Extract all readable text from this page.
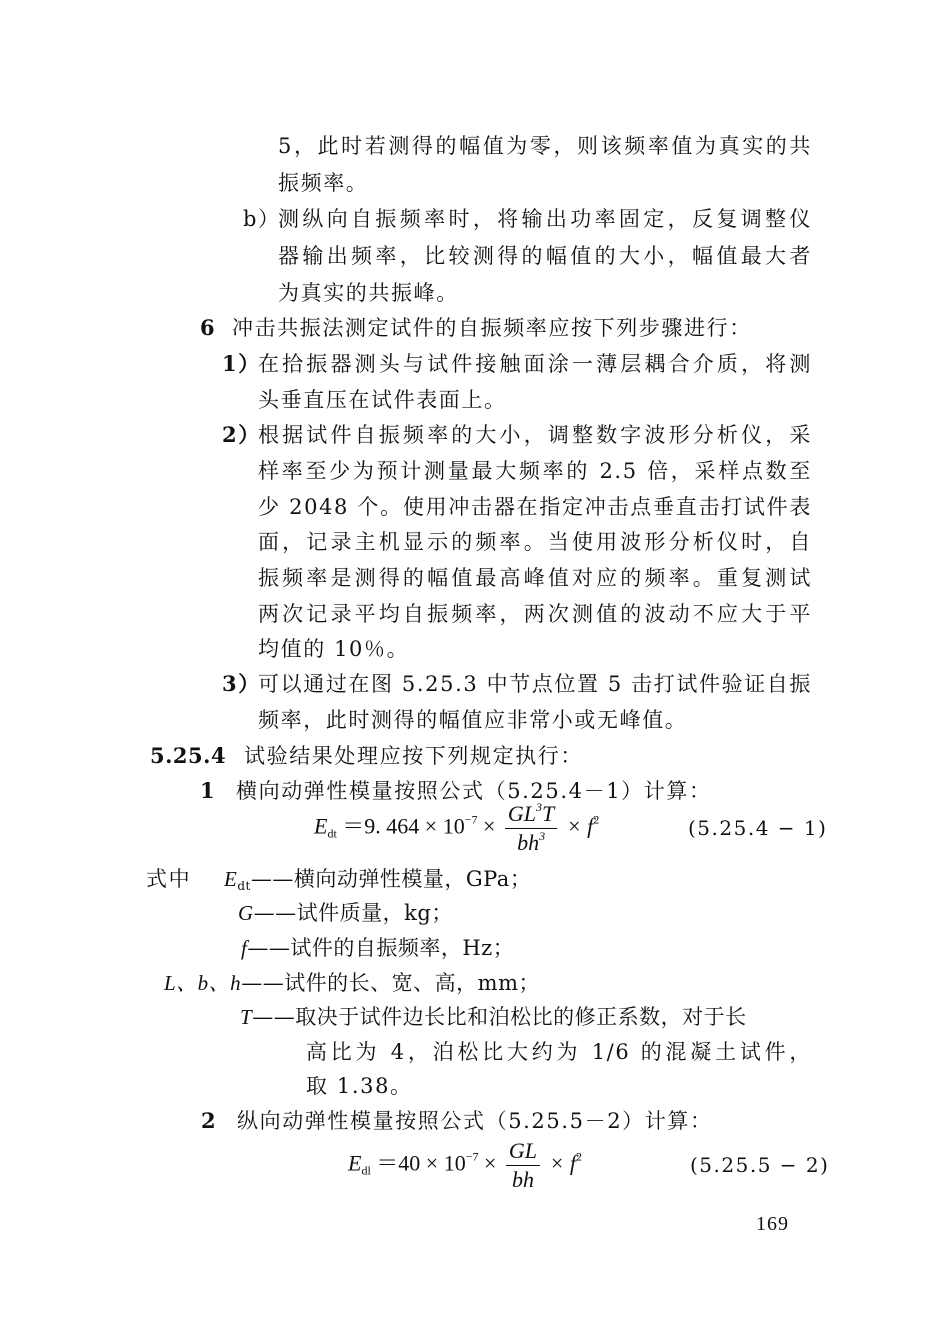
5，此时若测得的幅值为零，则该频率值为真实的共
振频率。
b）
测纵向自振频率时，将输出功率固定，反复调整仪
器输出频率，比较测得的幅值的大小，幅值最大者
为真实的共振峰。
6 冲击共振法测定试件的自振频率应按下列步骤进行：
1）
在拾振器测头与试件接触面涂一薄层耦合介质，将测
头垂直压在试件表面上。
2）
根据试件自振频率的大小，调整数字波形分析仪，采
样率至少为预计测量最大频率的 2.5 倍，采样点数至
少 2048 个。使用冲击器在指定冲击点垂直击打试件表
面，记录主机显示的频率。当使用波形分析仪时，自
振频率是测得的幅值最高峰值对应的频率。重复测试
两次记录平均自振频率，两次测值的波动不应大于平
均值的 10％。
3）
可以通过在图 5.25.3 中节点位置 5 击打试件验证自振
频率，此时测得的幅值应非常小或无峰值。
5.25.4 试验结果处理应按下列规定执行：
1 横向动弹性模量按照公式（5.25.4－1）计算：
$E_{dt} =9$. $464 \times 10^{-7} \times \frac{GL^3T}{bh^3} \times f^2$	(5.25.4 − 1)
式中 $E_{dt}——$横向动弹性模量，GPa；
G——试件质量，kg；
f——试件的自振频率，Hz；
L、b、h——试件的长、宽、高，mm；
T——取决于试件边长比和泊松比的修正系数，对于长
高比为 4，泊松比大约为 1/6 的混凝土试件，
取 1.38。
2 纵向动弹性模量按照公式（5.25.5－2）计算：
$E_{dl} =40 \times 10^{-7} \times \frac{GL}{bh} \times f^2$	(5.25.5 − 2)
169
